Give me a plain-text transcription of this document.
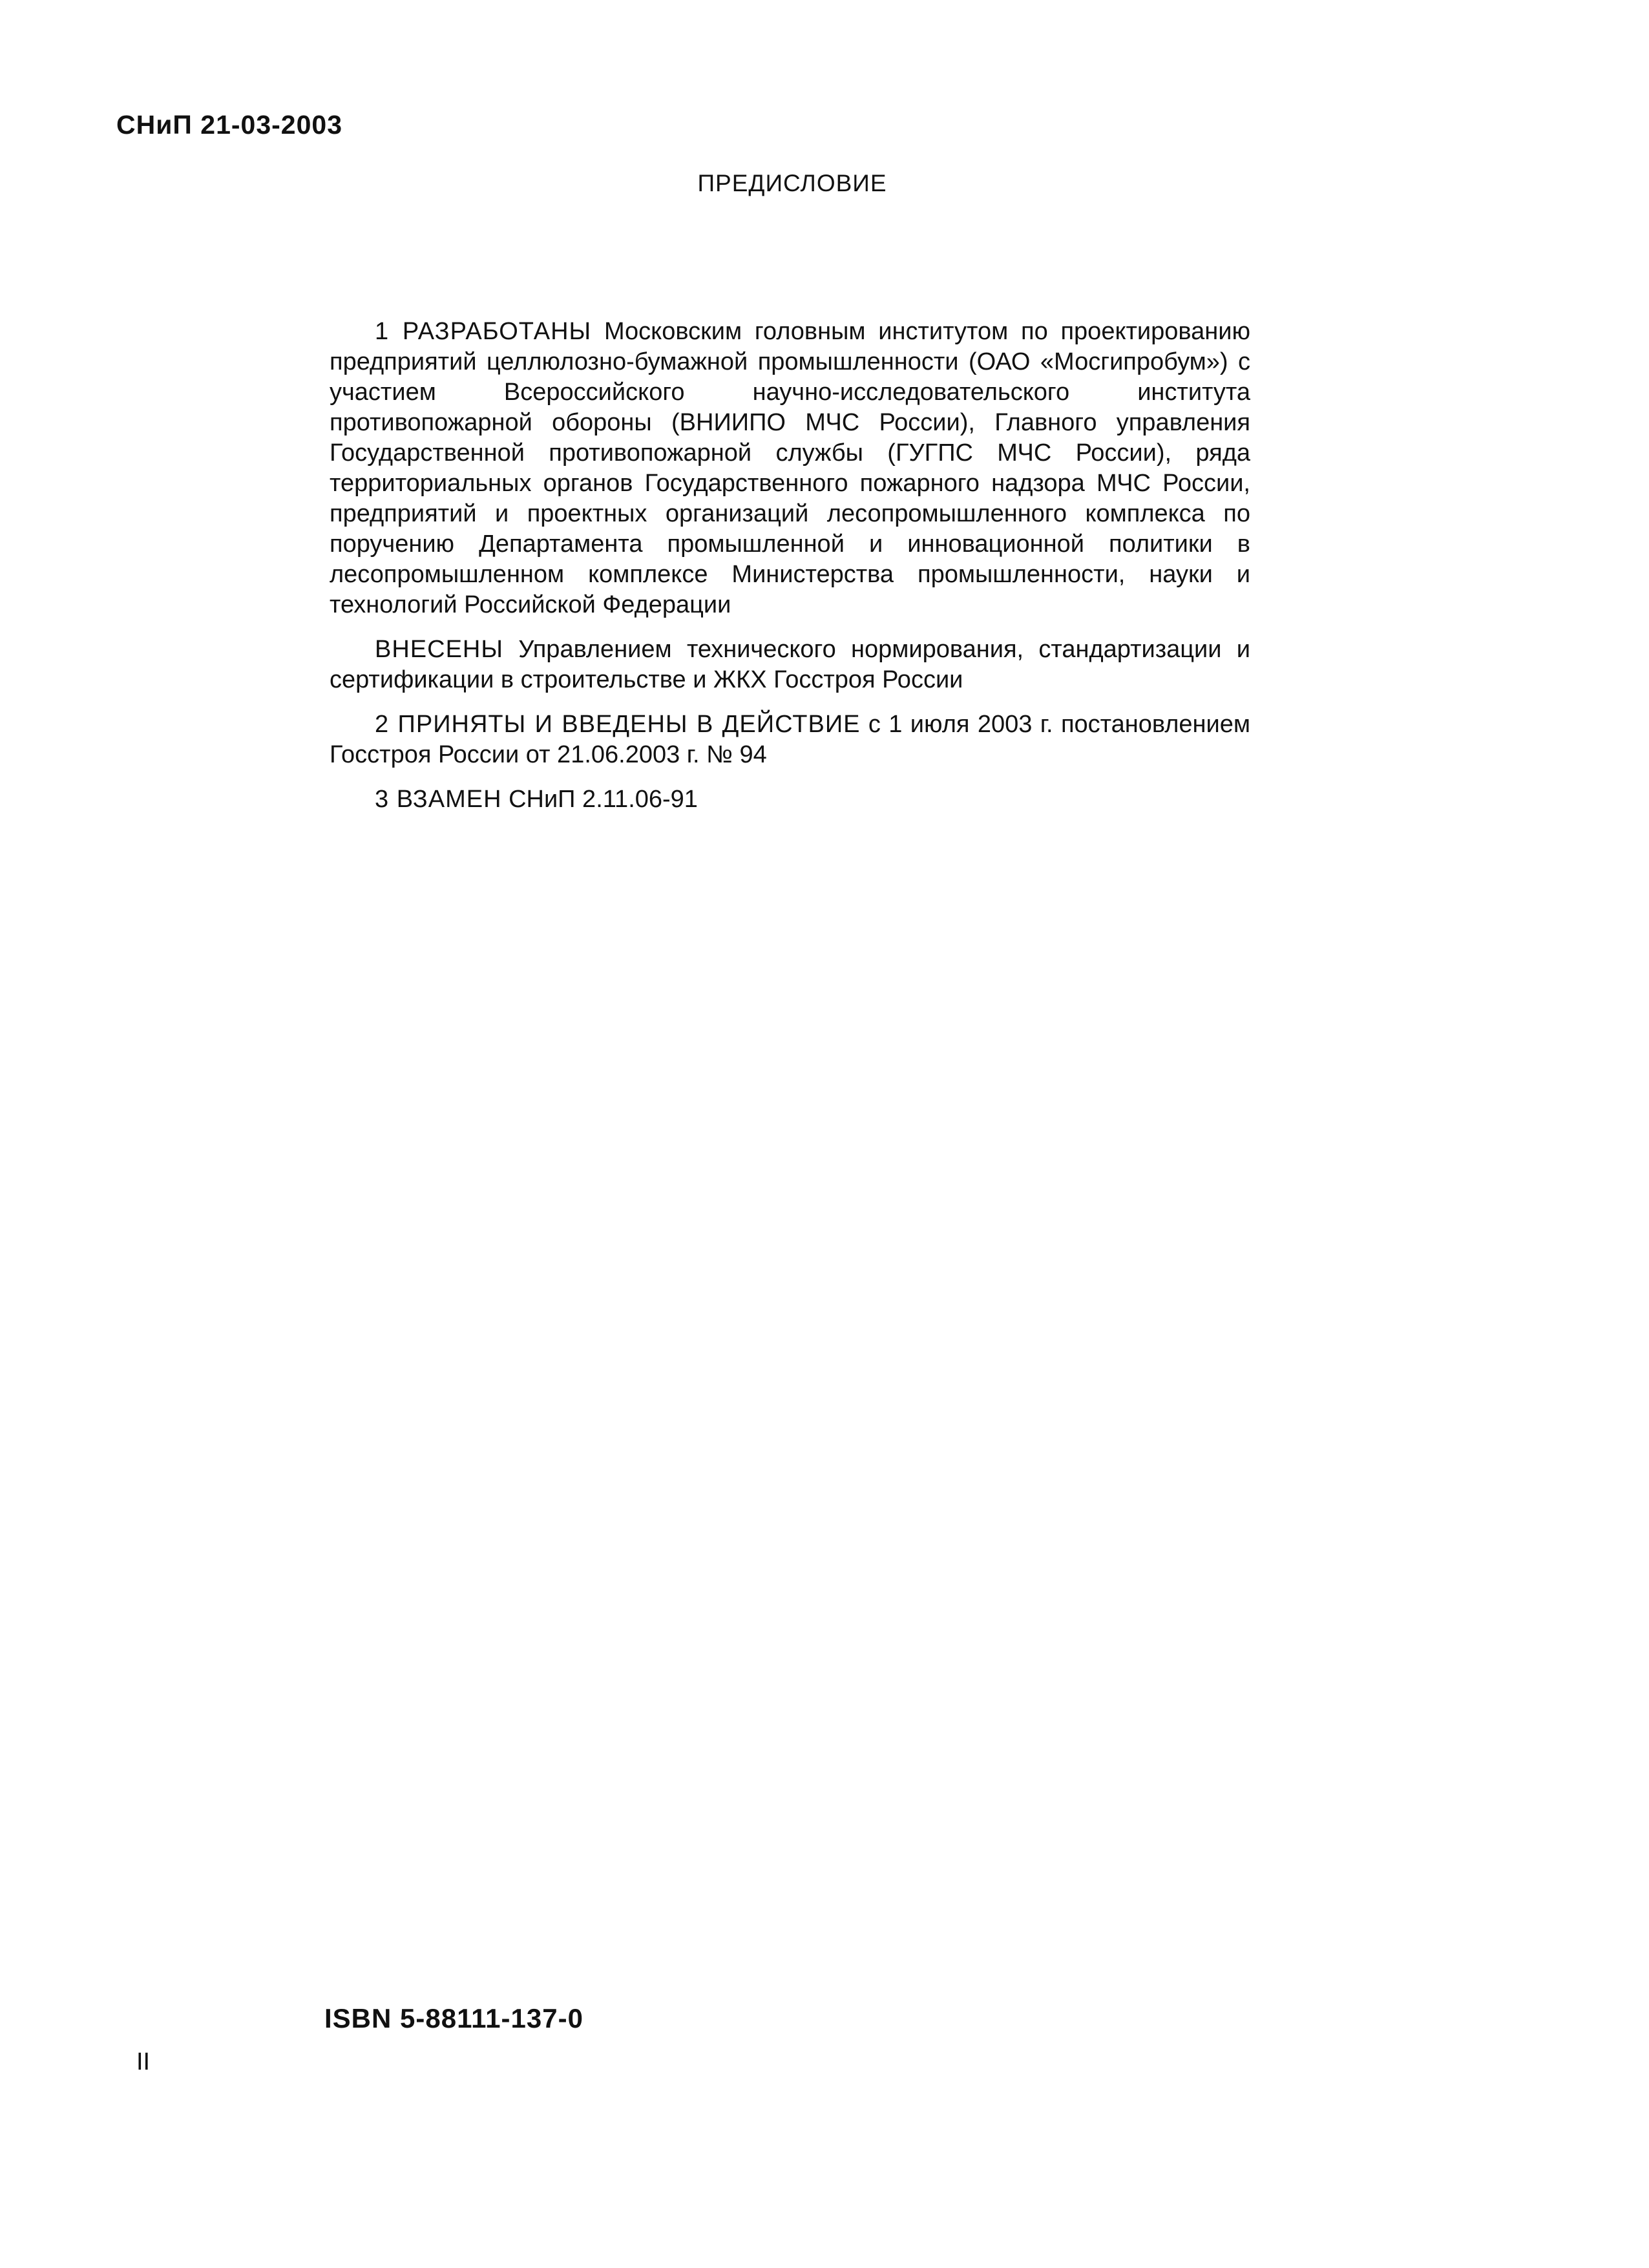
СНиП 21-03-2003
ПРЕДИСЛОВИЕ

1 РАЗРАБОТАНЫ Московским головным институтом по проектированию предприятий целлюлозно-бумажной промышленности (ОАО «Мосгипробум») с участием Всероссийского научно-исследовательского института противопожарной обороны (ВНИИПО МЧС России), Главного управления Государственной противопожарной службы (ГУГПС МЧС России), ряда территориальных органов Государственного пожарного надзора МЧС России, предприятий и проектных организаций лесопромышленного комплекса по поручению Департамента промышленной и инновационной политики в лесопромышленном комплексе Министерства промышленности, науки и технологий Российской Федерации

ВНЕСЕНЫ Управлением технического нормирования, стандартизации и сертификации в строительстве и ЖКХ Госстроя России

2 ПРИНЯТЫ И ВВЕДЕНЫ В ДЕЙСТВИЕ с 1 июля 2003 г. постановлением Госстроя России от 21.06.2003 г. № 94

3 ВЗАМЕН СНиП 2.11.06-91

ISBN 5-88111-137-0
II
